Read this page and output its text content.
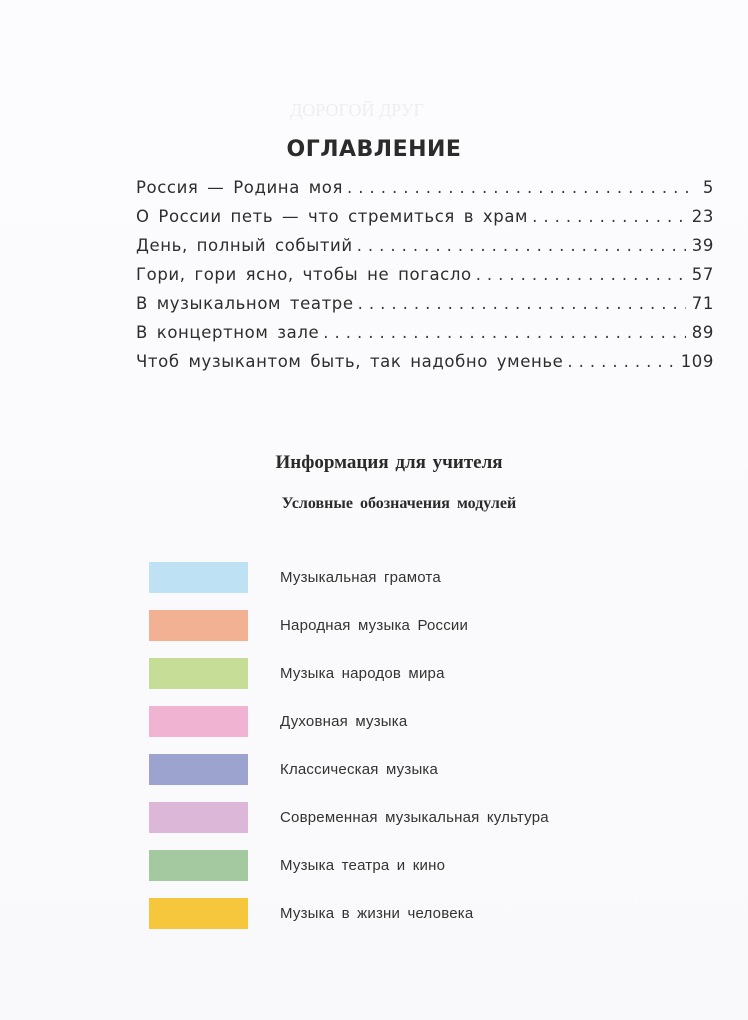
ДОРОГОЙ ДРУГ
ОГЛАВЛЕНИЕ
Россия — Родина моя .....	5
О России петь — что стремиться в храм .....	23
День, полный событий .....	39
Гори, гори ясно, чтобы не погасло .....	57
В музыкальном театре .....	71
В концертном зале .....	89
Чтоб музыкантом быть, так надобно уменье .....	109
Информация для учителя
Условные обозначения модулей
Музыкальная грамота
Народная музыка России
Музыка народов мира
Духовная музыка
Классическая музыка
Современная музыкальная культура
Музыка театра и кино
Музыка в жизни человека
